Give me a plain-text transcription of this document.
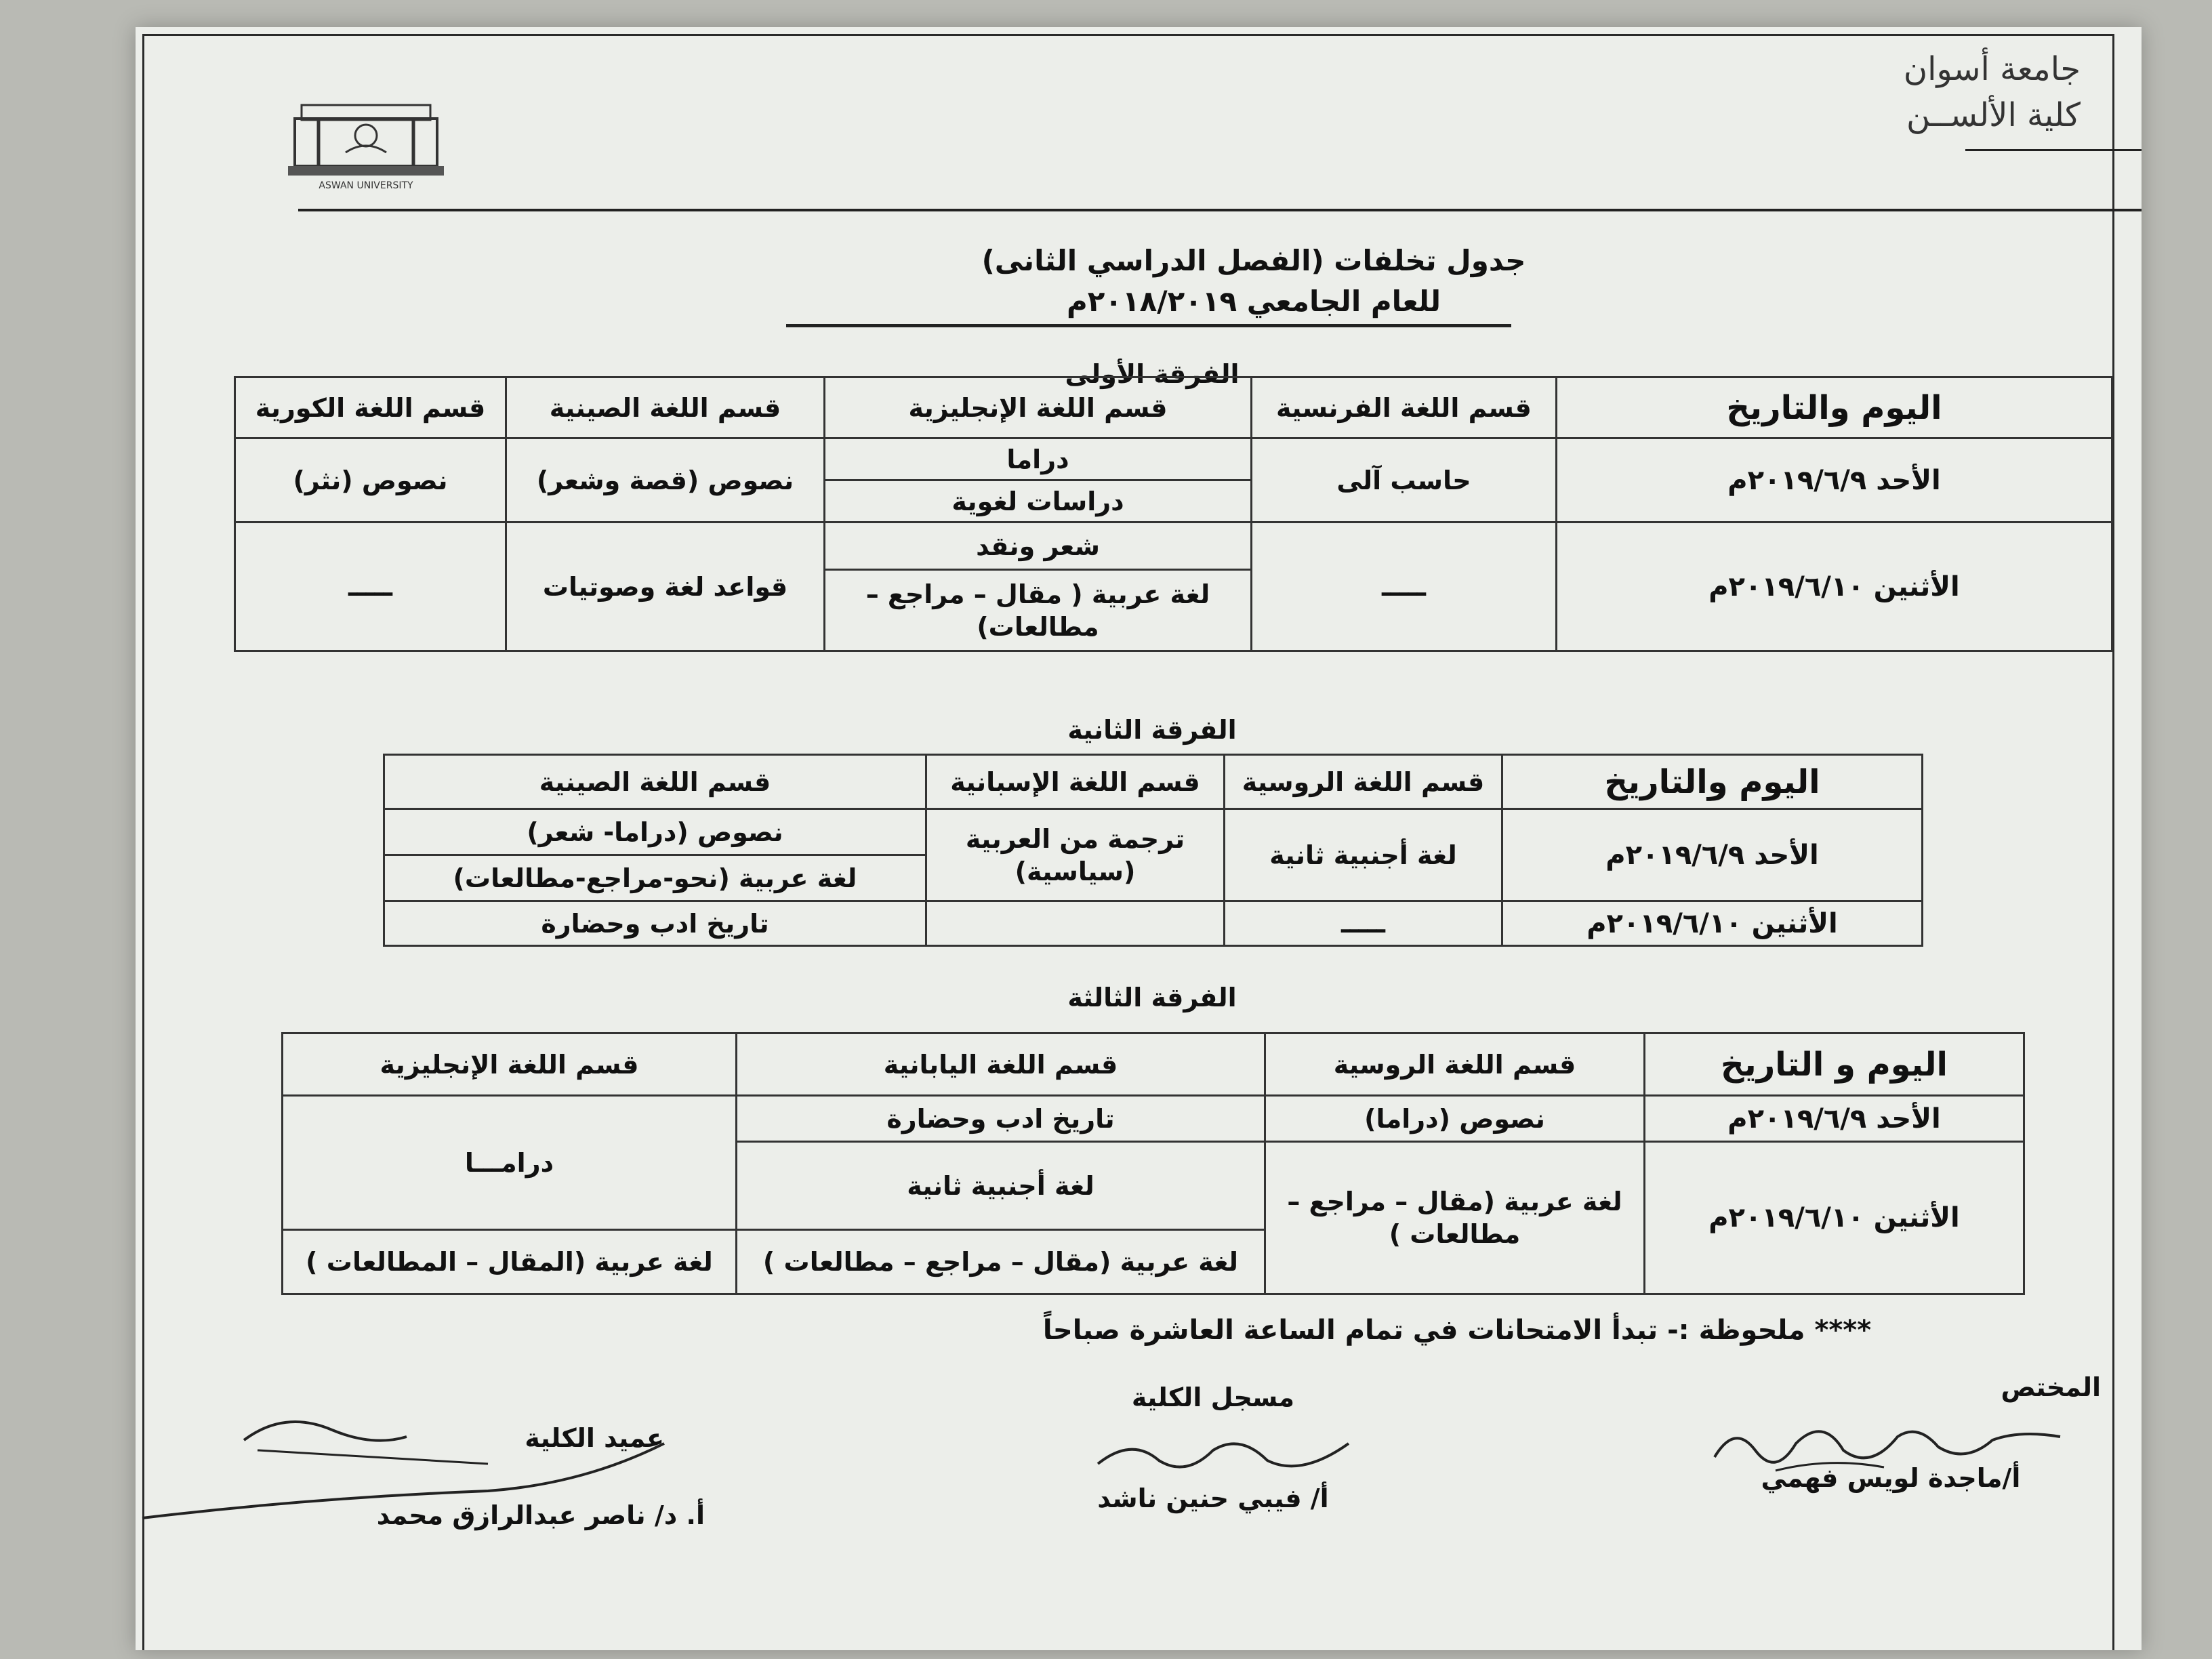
جامعة أسوان
كلية الألســن
ASWAN UNIVERSITY
جدول تخلفات (الفصل الدراسي الثانى)
للعام الجامعي ٢٠١٨/٢٠١٩م
الفرقة الأولى
اليوم والتاريخ	قسم اللغة الفرنسية	قسم اللغة الإنجليزية	قسم اللغة الصينية	قسم اللغة الكورية
الأحد ٢٠١٩/٦/٩م	حاسب آلى	دراما	نصوص (قصة وشعر)	نصوص (نثر)
		دراسات لغوية		
الأثنين ٢٠١٩/٦/١٠م	ـــــ	شعر ونقد	قواعد لغة وصوتيات	ـــــ
		لغة عربية ( مقال – مراجع – مطالعات)		
الفرقة الثانية
اليوم والتاريخ	قسم اللغة الروسية	قسم اللغة الإسبانية	قسم اللغة الصينية
الأحد ٢٠١٩/٦/٩م	لغة أجنبية ثانية	ترجمة من العربية (سياسية)	نصوص (دراما- شعر)
			لغة عربية (نحو-مراجع-مطالعات)
الأثنين ٢٠١٩/٦/١٠م	ـــــ		تاريخ ادب وحضارة
الفرقة الثالثة
اليوم و التاريخ	قسم اللغة الروسية	قسم اللغة اليابانية	قسم اللغة الإنجليزية
الأحد ٢٠١٩/٦/٩م	نصوص (دراما)	تاريخ ادب وحضارة	درامـــا
الأثنين ٢٠١٩/٦/١٠م	لغة عربية (مقال – مراجع – مطالعات )	لغة أجنبية ثانية	
		لغة عربية (مقال – مراجع – مطالعات )	لغة عربية (المقال – المطالعات )
**** ملحوظة :- تبدأ الامتحانات في تمام الساعة العاشرة صباحاً
المختص
أ/ماجدة لويس فهمي
مسجل الكلية
أ/ فيبي حنين ناشد
عميد الكلية
أ. د/ ناصر عبدالرازق محمد
